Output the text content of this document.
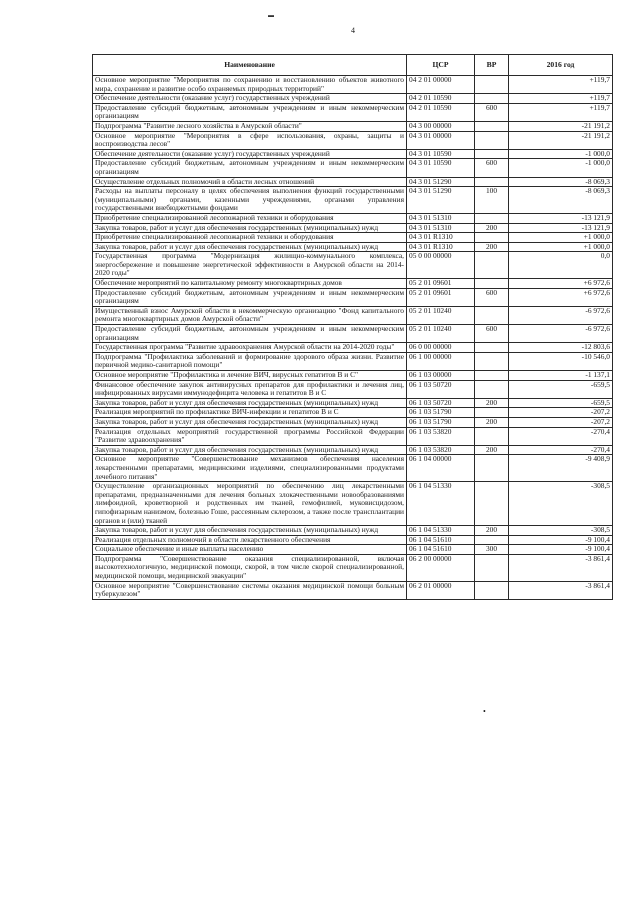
▬
4
Наименование	ЦСР	ВР	2016 год
Основное мероприятие "Мероприятия по сохранению и восстановлению объектов животного мира, сохранение и развитие особо охраняемых природных территорий"	04 2 01 00000		+119,7
Обеспечение деятельности (оказание услуг) государственных учреждений	04 2 01 10590		+119,7
Предоставление субсидий бюджетным, автономным учреждениям и иным некоммерческим организациям	04 2 01 10590	600	+119,7
Подпрограмма "Развитие лесного хозяйства в Амурской области"	04 3 00 00000		-21 191,2
Основное мероприятие "Мероприятия в сфере использования, охраны, защиты и воспроизводства лесов"	04 3 01 00000		-21 191,2
Обеспечение деятельности (оказание услуг) государственных учреждений	04 3 01 10590		-1 000,0
Предоставление субсидий бюджетным, автономным учреждениям и иным некоммерческим организациям	04 3 01 10590	600	-1 000,0
Осуществление отдельных полномочий в области лесных отношений	04 3 01 51290		-8 069,3
Расходы на выплаты персоналу в целях обеспечения выполнения функций государственными (муниципальными) органами, казенными учреждениями, органами управления государственными внебюджетными фондами	04 3 01 51290	100	-8 069,3
Приобретение специализированной лесопожарной техники и оборудования	04 3 01 51310		-13 121,9
Закупка товаров, работ и услуг для обеспечения государственных (муниципальных) нужд	04 3 01 51310	200	-13 121,9
Приобретение специализированной лесопожарной техники и оборудования	04 3 01 R1310		+1 000,0
Закупка товаров, работ и услуг для обеспечения государственных (муниципальных) нужд	04 3 01 R1310	200	+1 000,0
Государственная программа "Модернизация жилищно-коммунального комплекса, энергосбережение и повышение энергетической эффективности в Амурской области на 2014-2020 годы"	05 0 00 00000		0,0
Обеспечение мероприятий по капитальному ремонту многоквартирных домов	05 2 01 09601		+6 972,6
Предоставление субсидий бюджетным, автономным учреждениям и иным некоммерческим организациям	05 2 01 09601	600	+6 972,6
Имущественный взнос Амурской области в некоммерческую организацию "Фонд капитального ремонта многоквартирных домов Амурской области"	05 2 01 10240		-6 972,6
Предоставление субсидий бюджетным, автономным учреждениям и иным некоммерческим организациям	05 2 01 10240	600	-6 972,6
Государственная программа "Развитие здравоохранения Амурской области на 2014-2020 годы"	06 0 00 00000		-12 803,6
Подпрограмма "Профилактика заболеваний и формирование здорового образа жизни. Развитие первичной медико-санитарной помощи"	06 1 00 00000		-10 546,0
Основное мероприятие "Профилактика и лечение ВИЧ, вирусных гепатитов В и С"	06 1 03 00000		-1 137,1
Финансовое обеспечение закупок антивирусных препаратов для профилактики и лечения лиц, инфицированных вирусами иммунодефицита человека и гепатитов В и С	06 1 03 50720		-659,5
Закупка товаров, работ и услуг для обеспечения государственных (муниципальных) нужд	06 1 03 50720	200	-659,5
Реализация мероприятий по профилактике ВИЧ-инфекции и гепатитов В и С	06 1 03 51790		-207,2
Закупка товаров, работ и услуг для обеспечения государственных (муниципальных) нужд	06 1 03 51790	200	-207,2
Реализация отдельных мероприятий государственной программы Российской Федерации "Развитие здравоохранения"	06 1 03 53820		-270,4
Закупка товаров, работ и услуг для обеспечения государственных (муниципальных) нужд	06 1 03 53820	200	-270,4
Основное мероприятие "Совершенствование механизмов обеспечения населения лекарственными препаратами, медицинскими изделиями, специализированными продуктами лечебного питания"	06 1 04 00000		-9 408,9
Осуществление организационных мероприятий по обеспечению лиц лекарственными препаратами, предназначенными для лечения больных злокачественными новообразованиями лимфоидной, кроветворной и родственных им тканей, гемофилией, муковисцидозом, гипофизарным нанизмом, болезнью Гоше, рассеянным склерозом, а также после трансплантации органов и (или) тканей	06 1 04 51330		-308,5
Закупка товаров, работ и услуг для обеспечения государственных (муниципальных) нужд	06 1 04 51330	200	-308,5
Реализация отдельных полномочий в области лекарственного обеспечения	06 1 04 51610		-9 100,4
Социальное обеспечение и иные выплаты населению	06 1 04 51610	300	-9 100,4
Подпрограмма "Совершенствование оказания специализированной, включая высокотехнологичную, медицинской помощи, скорой, в том числе скорой специализированной, медицинской помощи, медицинской эвакуации"	06 2 00 00000		-3 861,4
Основное мероприятие "Совершенствование системы оказания медицинской помощи больным туберкулезом"	06 2 01 00000		-3 861,4
•
